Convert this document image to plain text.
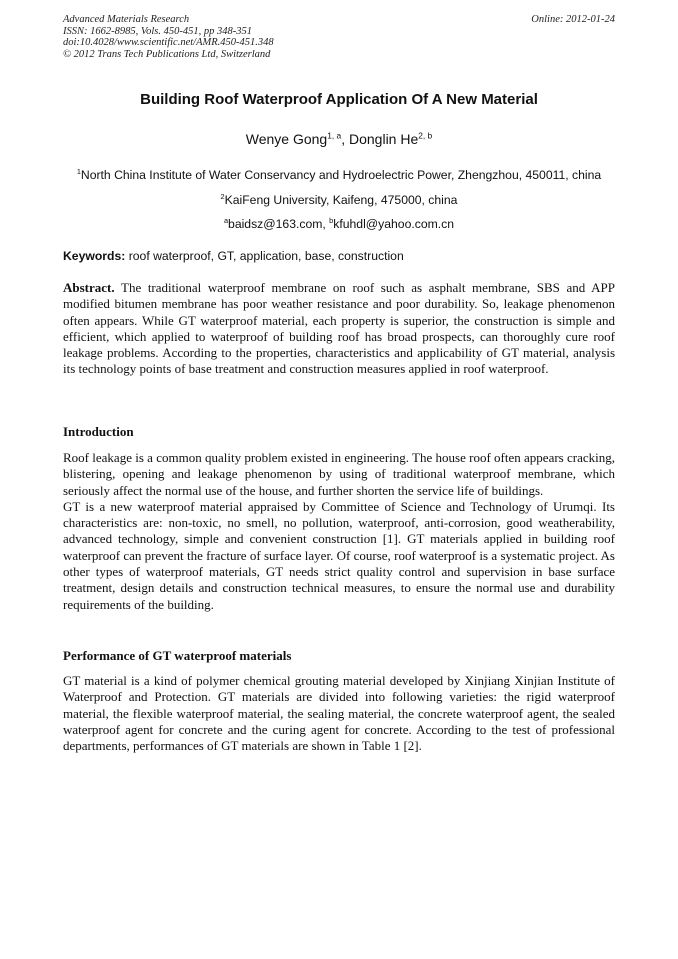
Advanced Materials Research
ISSN: 1662-8985, Vols. 450-451, pp 348-351
doi:10.4028/www.scientific.net/AMR.450-451.348
© 2012 Trans Tech Publications Ltd, Switzerland
Online: 2012-01-24
Building Roof Waterproof Application Of A New Material
Wenye Gong$^{1, a}$, Donglin He$^{2, b}$
$^1$North China Institute of Water Conservancy and Hydroelectric Power, Zhengzhou, 450011, china
$^2$KaiFeng University, Kaifeng, 475000, china
$^a$baidsz@163.com, $^b$kfuhdl@yahoo.com.cn
Keywords: roof waterproof, GT, application, base, construction

Abstract. The traditional waterproof membrane on roof such as asphalt membrane, SBS and APP modified bitumen membrane has poor weather resistance and poor durability. So, leakage phenomenon often appears. While GT waterproof material, each property is superior, the construction is simple and efficient, which applied to waterproof of building roof has broad prospects, can thoroughly cure roof leakage problems. According to the properties, characteristics and applicability of GT material, analysis its technology points of base treatment and construction measures applied in roof waterproof.

Introduction

Roof leakage is a common quality problem existed in engineering. The house roof often appears cracking, blistering, opening and leakage phenomenon by using of traditional waterproof membrane, which seriously affect the normal use of the house, and further shorten the service life of buildings.

GT is a new waterproof material appraised by Committee of Science and Technology of Urumqi. Its characteristics are: non-toxic, no smell, no pollution, waterproof, anti-corrosion, good weatherability, advanced technology, simple and convenient construction [1]. GT materials applied in building roof waterproof can prevent the fracture of surface layer. Of course, roof waterproof is a systematic project. As other types of waterproof materials, GT needs strict quality control and supervision in base surface treatment, design details and construction technical measures, to ensure the normal use and durability requirements of the building.

Performance of GT waterproof materials

GT material is a kind of polymer chemical grouting material developed by Xinjiang Xinjian Institute of Waterproof and Protection. GT materials are divided into following varieties: the rigid waterproof material, the flexible waterproof material, the sealing material, the concrete waterproof agent, the sealed waterproof agent for concrete and the curing agent for concrete. According to the test of professional departments, performances of GT materials are shown in Table 1 [2].
